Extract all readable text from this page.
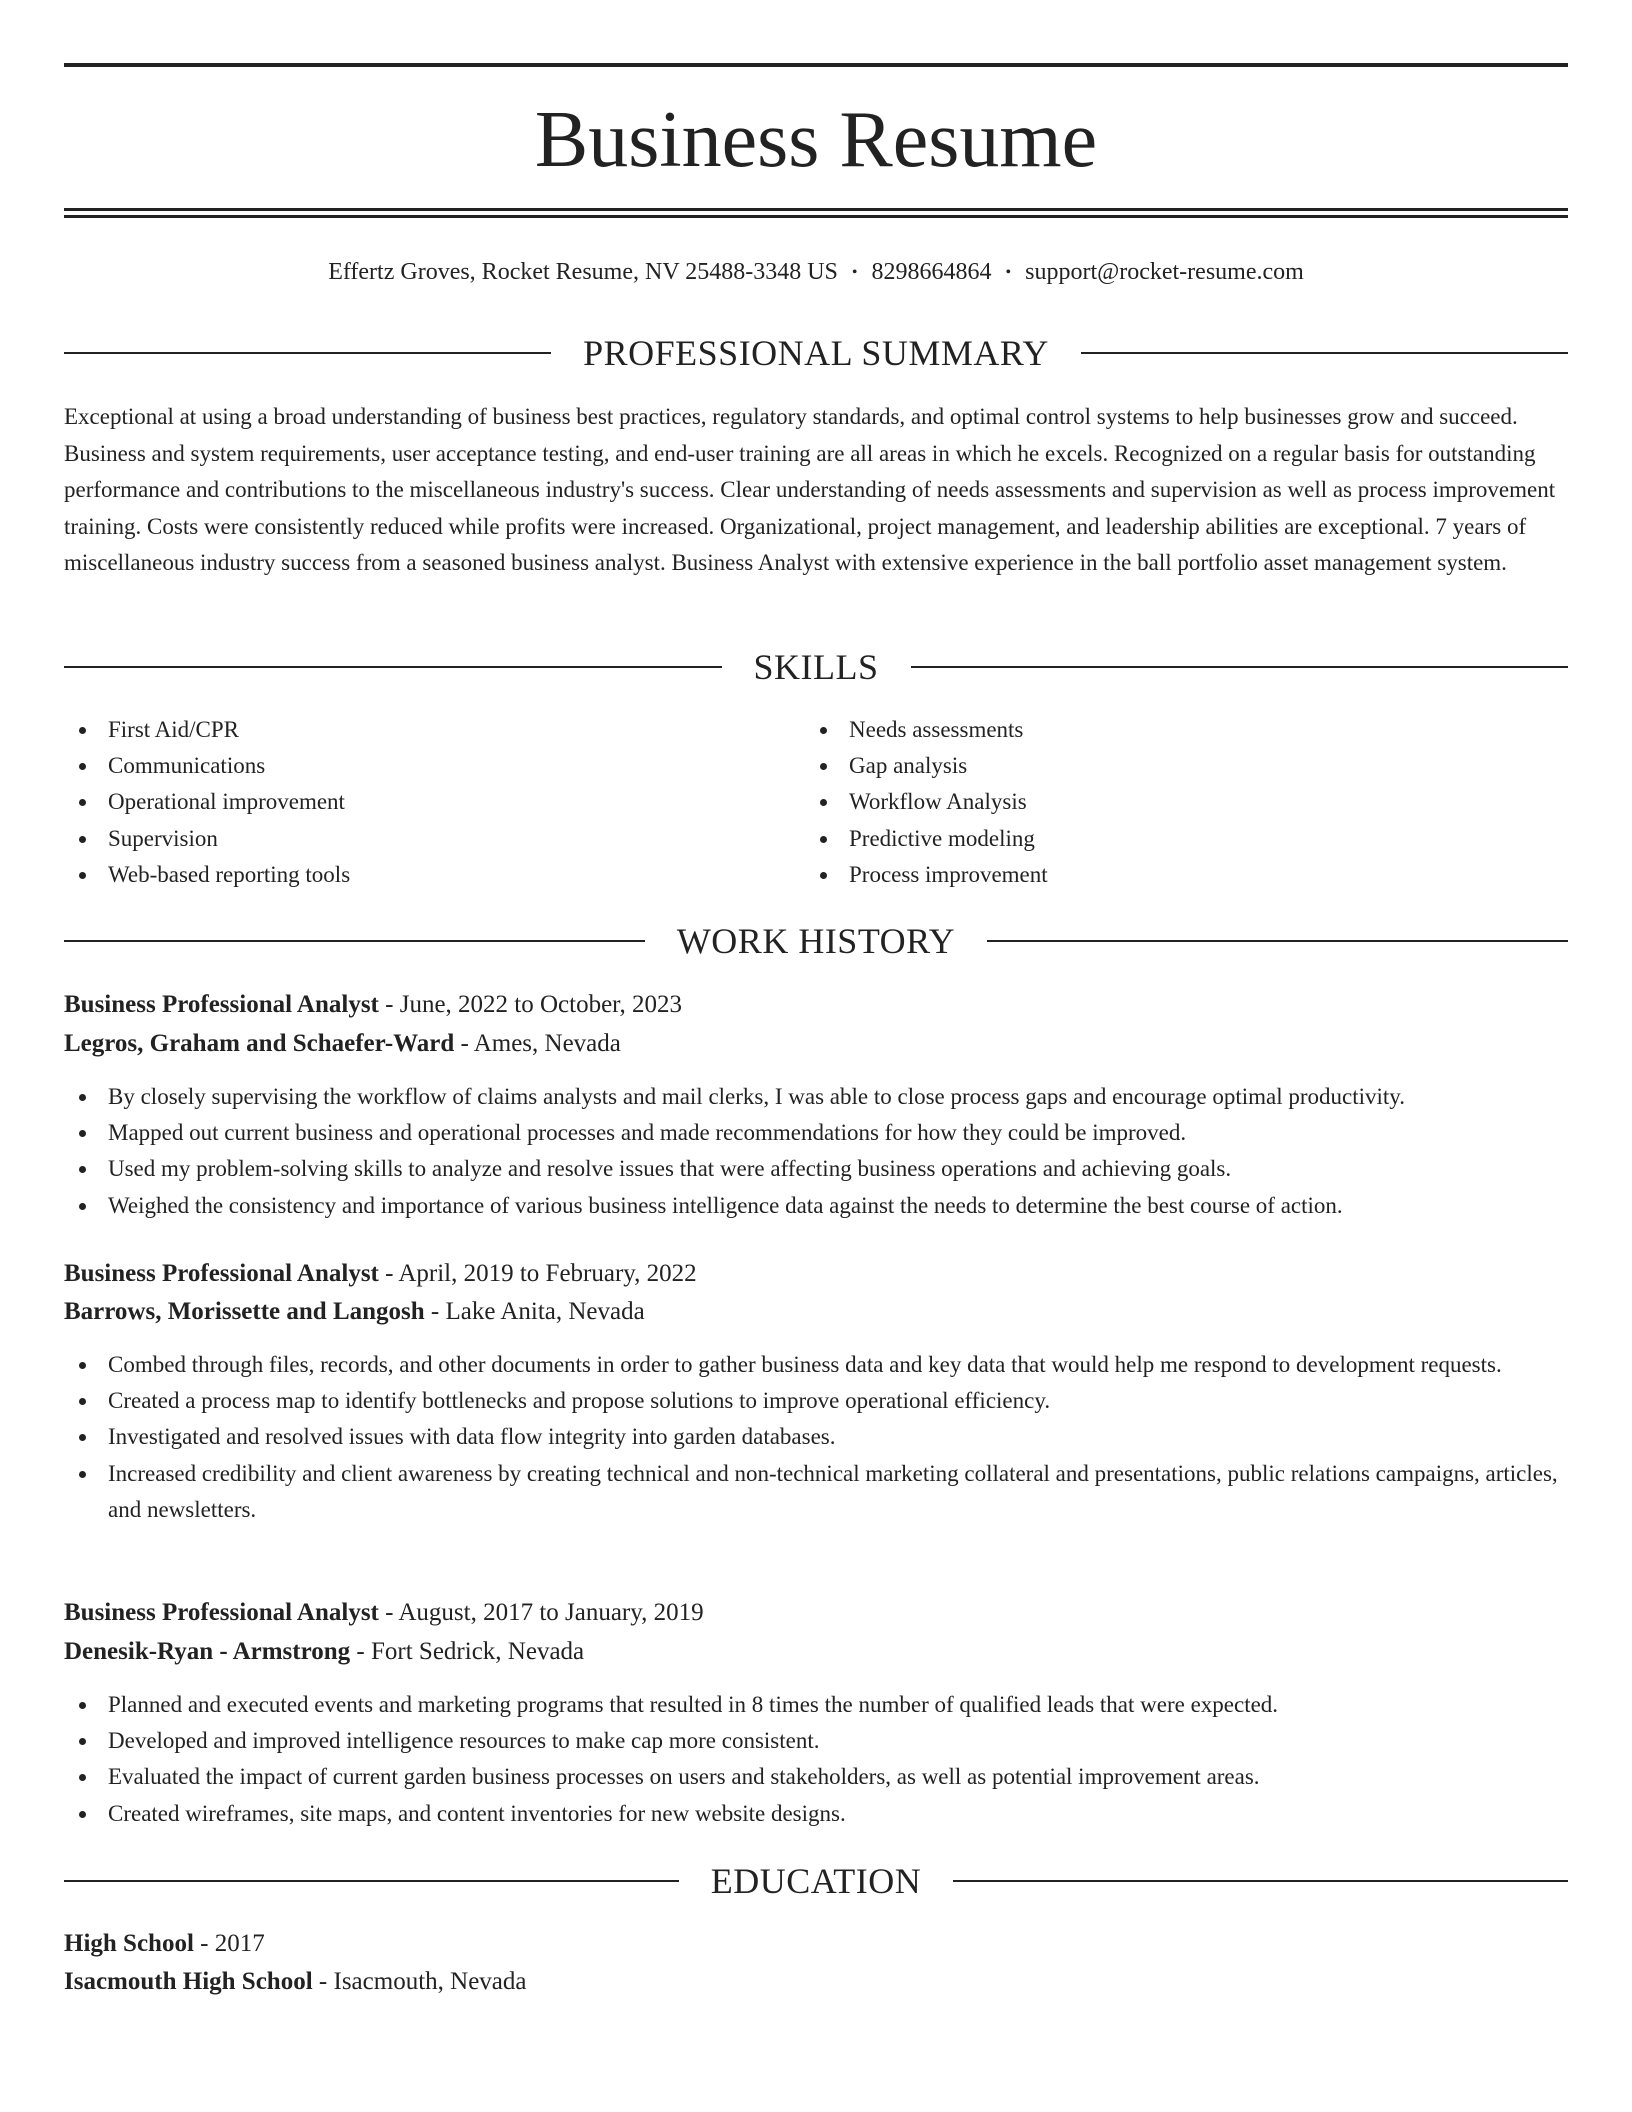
Business Resume
Effertz Groves, Rocket Resume, NV 25488-3348 US • 8298664864 • support@rocket-resume.com
PROFESSIONAL SUMMARY

Exceptional at using a broad understanding of business best practices, regulatory standards, and optimal control systems to help businesses grow and succeed. Business and system requirements, user acceptance testing, and end-user training are all areas in which he excels. Recognized on a regular basis for outstanding performance and contributions to the miscellaneous industry's success. Clear understanding of needs assessments and supervision as well as process improvement training. Costs were consistently reduced while profits were increased. Organizational, project management, and leadership abilities are exceptional. 7 years of miscellaneous industry success from a seasoned business analyst. Business Analyst with extensive experience in the ball portfolio asset management system.

SKILLS
First Aid/CPR
Communications
Operational improvement
Supervision
Web-based reporting tools
Needs assessments
Gap analysis
Workflow Analysis
Predictive modeling
Process improvement
WORK HISTORY
Business Professional Analyst - June, 2022 to October, 2023
Legros, Graham and Schaefer-Ward - Ames, Nevada
By closely supervising the workflow of claims analysts and mail clerks, I was able to close process gaps and encourage optimal productivity.
Mapped out current business and operational processes and made recommendations for how they could be improved.
Used my problem-solving skills to analyze and resolve issues that were affecting business operations and achieving goals.
Weighed the consistency and importance of various business intelligence data against the needs to determine the best course of action.
Business Professional Analyst - April, 2019 to February, 2022
Barrows, Morissette and Langosh - Lake Anita, Nevada
Combed through files, records, and other documents in order to gather business data and key data that would help me respond to development requests.
Created a process map to identify bottlenecks and propose solutions to improve operational efficiency.
Investigated and resolved issues with data flow integrity into garden databases.
Increased credibility and client awareness by creating technical and non-technical marketing collateral and presentations, public relations campaigns, articles, and newsletters.
Business Professional Analyst - August, 2017 to January, 2019
Denesik-Ryan - Armstrong - Fort Sedrick, Nevada
Planned and executed events and marketing programs that resulted in 8 times the number of qualified leads that were expected.
Developed and improved intelligence resources to make cap more consistent.
Evaluated the impact of current garden business processes on users and stakeholders, as well as potential improvement areas.
Created wireframes, site maps, and content inventories for new website designs.
EDUCATION
High School - 2017
Isacmouth High School - Isacmouth, Nevada
